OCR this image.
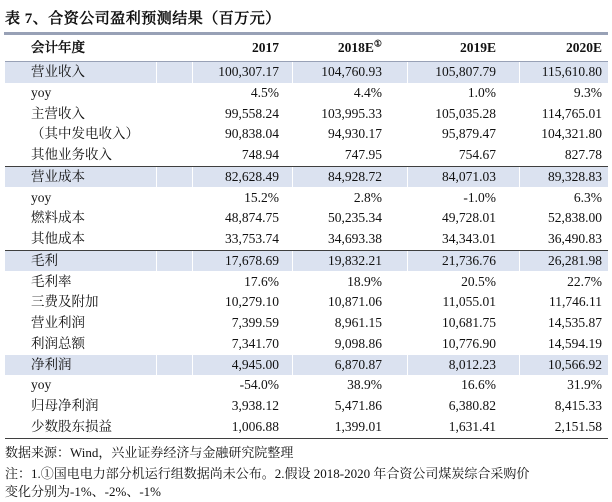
表 7、合资公司盈利预测结果（百万元）
会计年度	2017	2018E①	2019E	2020E
营业收入	100,307.17	104,760.93	105,807.79	115,610.80
yoy	4.5%	4.4%	1.0%	9.3%
主营收入	99,558.24	103,995.33	105,035.28	114,765.01
（其中发电收入）	90,838.04	94,930.17	95,879.47	104,321.80
其他业务收入	748.94	747.95	754.67	827.78
营业成本	82,628.49	84,928.72	84,071.03	89,328.83
yoy	15.2%	2.8%	-1.0%	6.3%
燃料成本	48,874.75	50,235.34	49,728.01	52,838.00
其他成本	33,753.74	34,693.38	34,343.01	36,490.83
毛利	17,678.69	19,832.21	21,736.76	26,281.98
毛利率	17.6%	18.9%	20.5%	22.7%
三费及附加	10,279.10	10,871.06	11,055.01	11,746.11
营业利润	7,399.59	8,961.15	10,681.75	14,535.87
利润总额	7,341.70	9,098.86	10,776.90	14,594.19
净利润	4,945.00	6,870.87	8,012.23	10,566.92
yoy	-54.0%	38.9%	16.6%	31.9%
归母净利润	3,938.12	5,471.86	6,380.82	8,415.33
少数股东损益	1,006.88	1,399.01	1,631.41	2,151.58
数据来源：Wind，兴业证券经济与金融研究院整理
注：1.①国电电力部分机运行组数据尚未公布。2.假设 2018-2020 年合资公司煤炭综合采购价
变化分别为-1%、-2%、-1%
